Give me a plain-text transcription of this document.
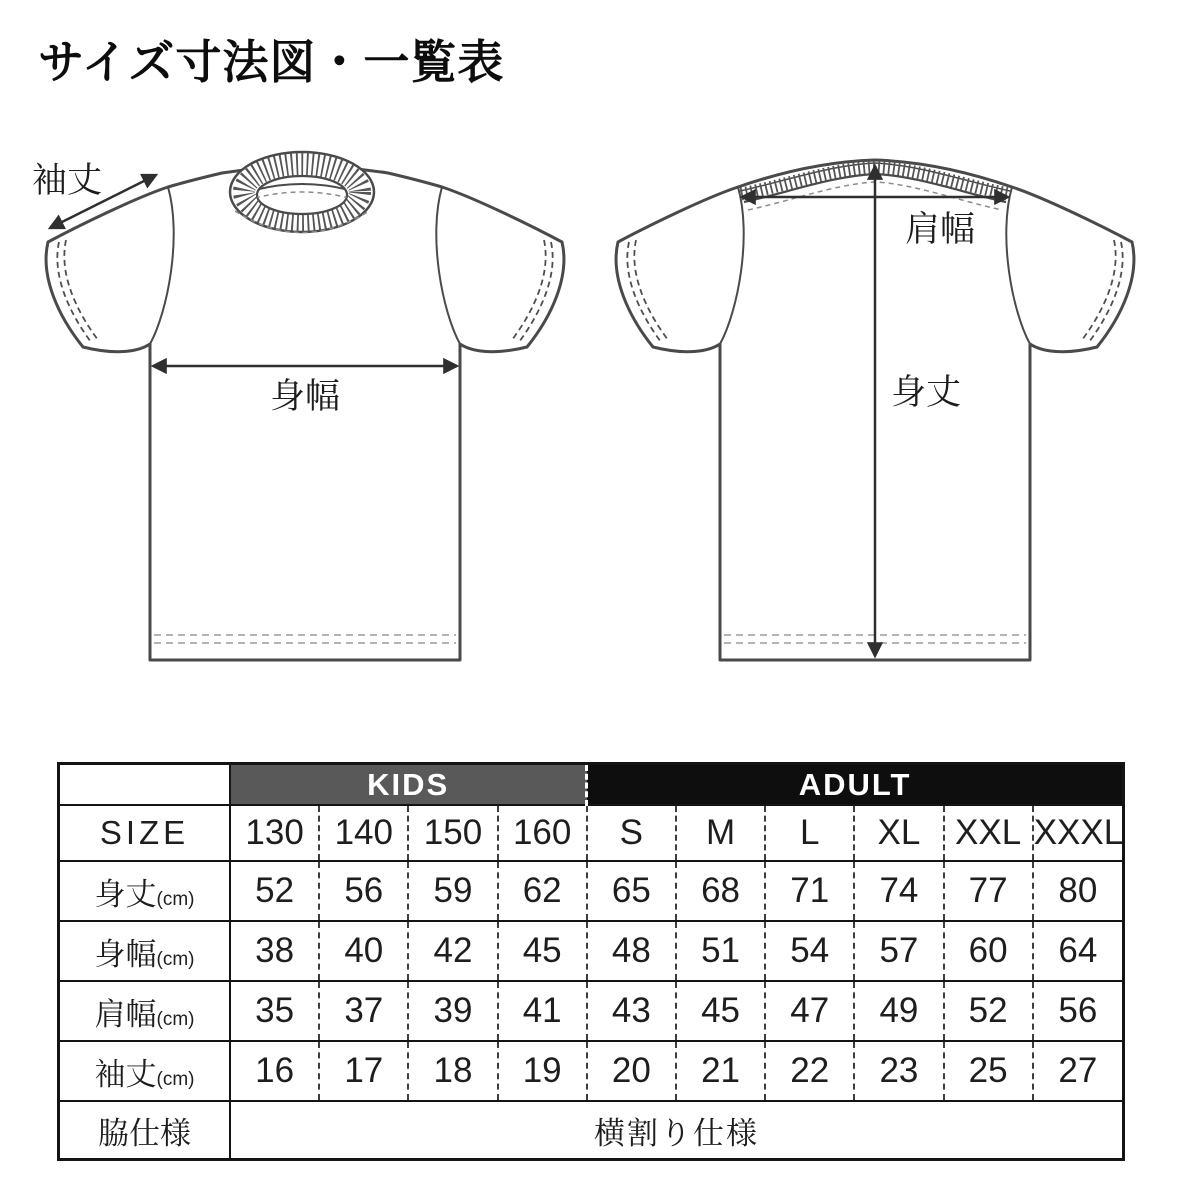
サイズ寸法図・一覧表
袖丈
身幅
肩幅
身丈
	KIDS				ADULT					
SIZE	130	140	150	160	S	M	L	XL	XXL	XXXL
身丈(cm)	52	56	59	62	65	68	71	74	77	80
身幅(cm)	38	40	42	45	48	51	54	57	60	64
肩幅(cm)	35	37	39	41	43	45	47	49	52	56
袖丈(cm)	16	17	18	19	20	21	22	23	25	27
脇仕様	横割り仕様									
